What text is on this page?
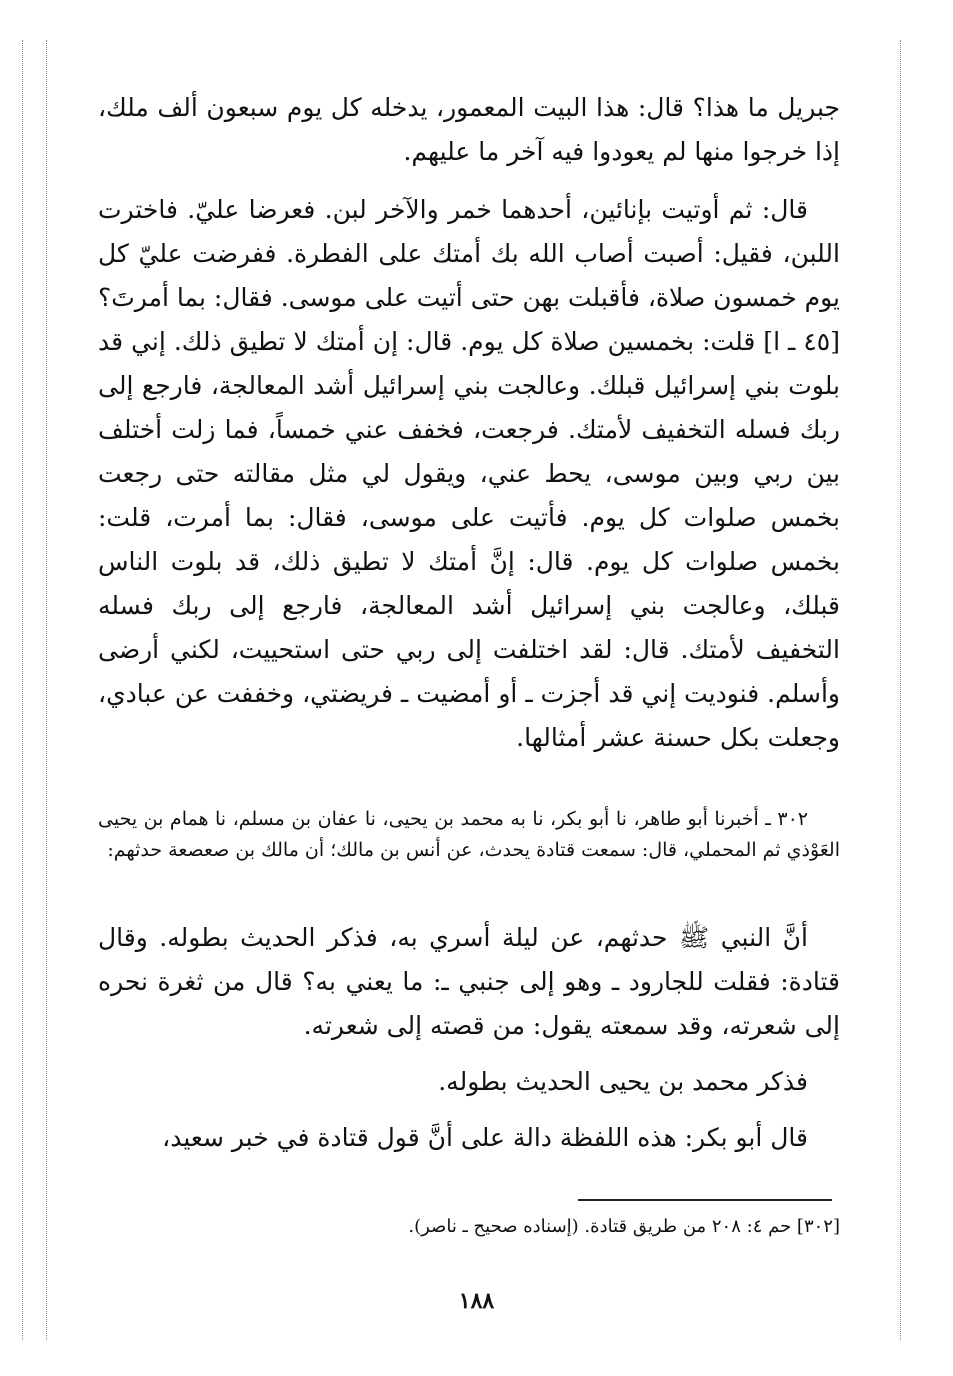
جبريل ما هذا؟ قال: هذا البيت المعمور، يدخله كل يوم سبعون ألف ملك، إذا خرجوا منها لم يعودوا فيه آخر ما عليهم.

قال: ثم أوتيت بإنائين، أحدهما خمر والآخر لبن. فعرضا عليّ. فاخترت اللبن، فقيل: أصبت أصاب الله بك أمتك على الفطرة. ففرضت عليّ كل يوم خمسون صلاة، فأقبلت بهن حتى أتيت على موسى. فقال: بما أمرتَ؟ [٤٥ ـ ا] قلت: بخمسين صلاة كل يوم. قال: إن أمتك لا تطيق ذلك. إني قد بلوت بني إسرائيل قبلك. وعالجت بني إسرائيل أشد المعالجة، فارجع إلى ربك فسله التخفيف لأمتك. فرجعت، فخفف عني خمساً، فما زلت أختلف بين ربي وبين موسى، يحط عني، ويقول لي مثل مقالته حتى رجعت بخمس صلوات كل يوم. فأتيت على موسى، فقال: بما أمرت، قلت: بخمس صلوات كل يوم. قال: إنَّ أمتك لا تطيق ذلك، قد بلوت الناس قبلك، وعالجت بني إسرائيل أشد المعالجة، فارجع إلى ربك فسله التخفيف لأمتك. قال: لقد اختلفت إلى ربي حتى استحييت، لكني أرضى وأسلم. فنوديت إني قد أجزت ـ أو أمضيت ـ فريضتي، وخففت عن عبادي، وجعلت بكل حسنة عشر أمثالها.

٣٠٢ ـ أخبرنا أبو طاهر، نا أبو بكر، نا به محمد بن يحيى، نا عفان بن مسلم، نا همام بن يحيى العَوْذي ثم المحملي، قال: سمعت قتادة يحدث، عن أنس بن مالك؛ أن مالك بن صعصعة حدثهم:

أنَّ النبي ﷺ حدثهم، عن ليلة أسري به، فذكر الحديث بطوله. وقال قتادة: فقلت للجارود ـ وهو إلى جنبي ـ: ما يعني به؟ قال من ثغرة نحره إلى شعرته، وقد سمعته يقول: من قصته إلى شعرته.

فذكر محمد بن يحيى الحديث بطوله.

قال أبو بكر: هذه اللفظة دالة على أنَّ قول قتادة في خبر سعيد،

[٣٠٢] حم ٤: ٢٠٨ من طريق قتادة. (إسناده صحيح ـ ناصر).
١٨٨
